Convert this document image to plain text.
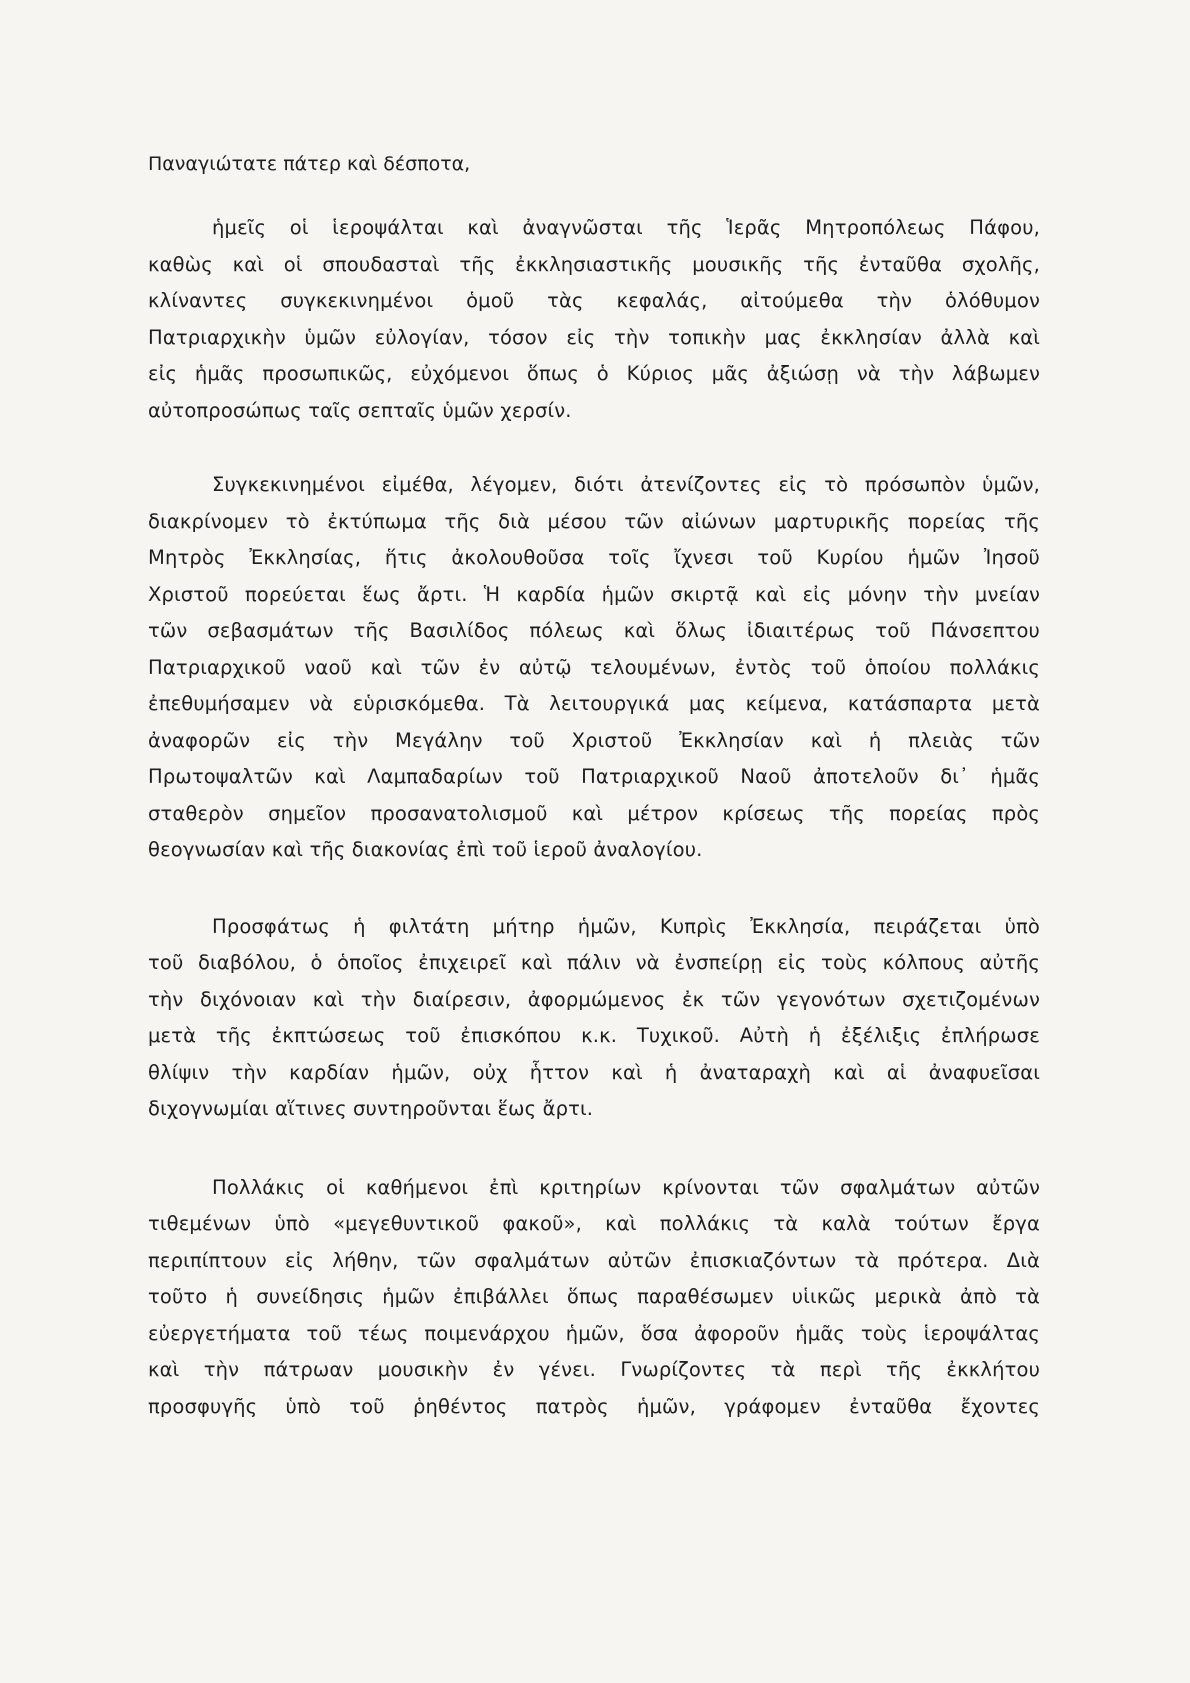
Παναγιώτατε πάτερ καὶ δέσποτα,
ἡμεῖς οἱ ἱεροψάλται καὶ ἀναγνῶσται τῆς Ἱερᾶς Μητροπόλεως Πάφου,
καθὼς καὶ οἱ σπουδασταὶ τῆς ἐκκλησιαστικῆς μουσικῆς τῆς ἐνταῦθα σχολῆς,
κλίναντες συγκεκινημένοι ὁμοῦ τὰς κεφαλάς, αἰτούμεθα τὴν ὁλόθυμον
Πατριαρχικὴν ὑμῶν εὐλογίαν, τόσον εἰς τὴν τοπικὴν μας ἐκκλησίαν ἀλλὰ καὶ
εἰς ἡμᾶς προσωπικῶς, εὐχόμενοι ὅπως ὁ Κύριος μᾶς ἀξιώσῃ νὰ τὴν λάβωμεν
αὐτοπροσώπως ταῖς σεπταῖς ὑμῶν χερσίν.
Συγκεκινημένοι εἰμέθα, λέγομεν, διότι ἀτενίζοντες εἰς τὸ πρόσωπὸν ὑμῶν,
διακρίνομεν τὸ ἐκτύπωμα τῆς διὰ μέσου τῶν αἰώνων μαρτυρικῆς πορείας τῆς
Μητρὸς Ἐκκλησίας, ἥτις ἀκολουθοῦσα τοῖς ἴχνεσι τοῦ Κυρίου ἡμῶν Ἰησοῦ
Χριστοῦ πορεύεται ἕως ἄρτι. Ἡ καρδία ἡμῶν σκιρτᾷ καὶ εἰς μόνην τὴν μνείαν
τῶν σεβασμάτων τῆς Βασιλίδος πόλεως καὶ ὅλως ἰδιαιτέρως τοῦ Πάνσεπτου
Πατριαρχικοῦ ναοῦ καὶ τῶν ἐν αὐτῷ τελουμένων, ἐντὸς τοῦ ὁποίου πολλάκις
ἐπεθυμήσαμεν νὰ εὑρισκόμεθα. Τὰ λειτουργικά μας κείμενα, κατάσπαρτα μετὰ
ἀναφορῶν εἰς τὴν Μεγάλην τοῦ Χριστοῦ Ἐκκλησίαν καὶ ἡ πλειὰς τῶν
Πρωτοψαλτῶν καὶ Λαμπαδαρίων τοῦ Πατριαρχικοῦ Ναοῦ ἀποτελοῦν δι᾽ ἡμᾶς
σταθερὸν σημεῖον προσανατολισμοῦ καὶ μέτρον κρίσεως τῆς πορείας πρὸς
θεογνωσίαν καὶ τῆς διακονίας ἐπὶ τοῦ ἱεροῦ ἀναλογίου.
Προσφάτως ἡ φιλτάτη μήτηρ ἡμῶν, Κυπρὶς Ἐκκλησία, πειράζεται ὑπὸ
τοῦ διαβόλου, ὁ ὁποῖος ἐπιχειρεῖ καὶ πάλιν νὰ ἐνσπείρῃ εἰς τοὺς κόλπους αὐτῆς
τὴν διχόνοιαν καὶ τὴν διαίρεσιν, ἀφορμώμενος ἐκ τῶν γεγονότων σχετιζομένων
μετὰ τῆς ἐκπτώσεως τοῦ ἐπισκόπου κ.κ. Τυχικοῦ. Αὐτὴ ἡ ἐξέλιξις ἐπλήρωσε
θλίψιν τὴν καρδίαν ἡμῶν, οὐχ ἧττον καὶ ἡ ἀναταραχὴ καὶ αἱ ἀναφυεῖσαι
διχογνωμίαι αἵτινες συντηροῦνται ἕως ἄρτι.
Πολλάκις οἱ καθήμενοι ἐπὶ κριτηρίων κρίνονται τῶν σφαλμάτων αὐτῶν
τιθεμένων ὑπὸ «μεγεθυντικοῦ φακοῦ», καὶ πολλάκις τὰ καλὰ τούτων ἔργα
περιπίπτουν εἰς λήθην, τῶν σφαλμάτων αὐτῶν ἐπισκιαζόντων τὰ πρότερα. Διὰ
τοῦτο ἡ συνείδησις ἡμῶν ἐπιβάλλει ὅπως παραθέσωμεν υἱικῶς μερικὰ ἀπὸ τὰ
εὐεργετήματα τοῦ τέως ποιμενάρχου ἡμῶν, ὅσα ἀφοροῦν ἡμᾶς τοὺς ἱεροψάλτας
καὶ τὴν πάτρωαν μουσικὴν ἐν γένει. Γνωρίζοντες τὰ περὶ τῆς ἐκκλήτου
προσφυγῆς ὑπὸ τοῦ ῥηθέντος πατρὸς ἡμῶν, γράφομεν ἐνταῦθα ἔχοντες
